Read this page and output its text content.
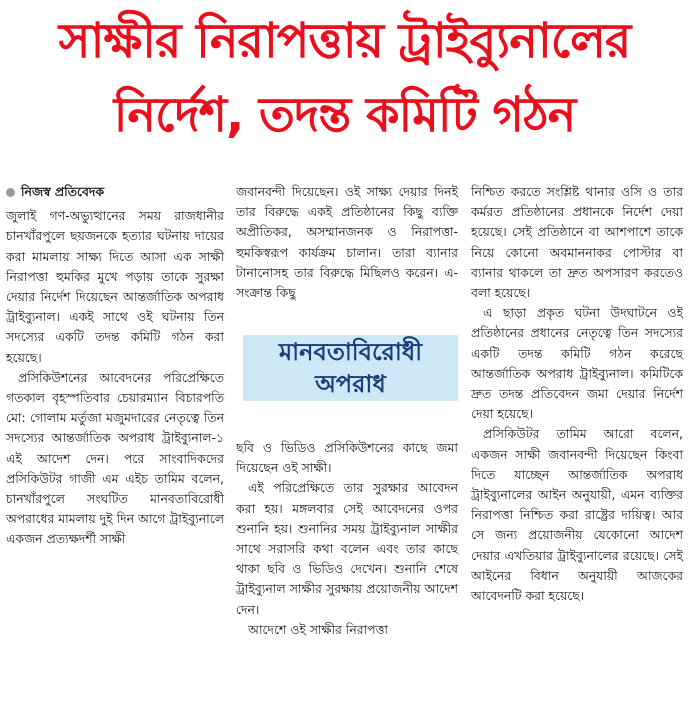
সাক্ষীর নিরাপত্তায় ট্রাইব্যুনালের
নির্দেশ, তদন্ত কমিটি গঠন
নিজস্ব প্রতিবেদক

জুলাই গণ-অভ্যুত্থানের সময় রাজধানীর চানখাঁরপুলে ছয়জনকে হত্যার ঘটনায় দায়ের করা মামলায় সাক্ষ্য দিতে আসা এক সাক্ষী নিরাপত্তা হুমকির মুখে পড়ায় তাকে সুরক্ষা দেয়ার নির্দেশ দিয়েছেন আন্তর্জাতিক অপরাধ ট্রাইব্যুনাল। একই সাথে ওই ঘটনায় তিন সদস্যের একটি তদন্ত কমিটি গঠন করা হয়েছে।

প্রসিকিউশনের আবেদনের পরিপ্রেক্ষিতে গতকাল বৃহস্পতিবার চেয়ারম্যান বিচারপতি মো: গোলাম মর্তুজা মজুমদারের নেতৃত্বে তিন সদস্যের আন্তর্জাতিক অপরাধ ট্রাইব্যুনাল-১ এই আদেশ দেন। পরে সাংবাদিকদের প্রসিকিউটর গাজী এম এইচ তামিম বলেন, চানখাঁরপুলে সংঘটিত মানবতাবিরোধী অপরাধের মামলায় দুই দিন আগে ট্রাইব্যুনালে একজন প্রত্যক্ষদর্শী সাক্ষী

জবানবন্দী দিয়েছেন। ওই সাক্ষ্য দেয়ার দিনই তার বিরুদ্ধে একই প্রতিষ্ঠানের কিছু ব্যক্তি অপ্রীতিকর, অসম্মানজনক ও নিরাপত্তা-হুমকিস্বরূপ কার্যক্রম চালান। তারা ব্যানার টানানোসহ তার বিরুদ্ধে মিছিলও করেন। এ-সংক্রান্ত কিছু

মানবতাবিরোধী অপরাধ

ছবি ও ভিডিও প্রসিকিউশনের কাছে জমা দিয়েছেন ওই সাক্ষী।

এই পরিপ্রেক্ষিতে তার সুরক্ষার আবেদন করা হয়। মঙ্গলবার সেই আবেদনের ওপর শুনানি হয়। শুনানির সময় ট্রাইব্যুনাল সাক্ষীর সাথে সরাসরি কথা বলেন এবং তার কাছে থাকা ছবি ও ভিডিও দেখেন। শুনানি শেষে ট্রাইব্যুনাল সাক্ষীর সুরক্ষায় প্রয়োজনীয় আদেশ দেন।

আদেশে ওই সাক্ষীর নিরাপত্তা

নিশ্চিত করতে সংশ্লিষ্ট থানার ওসি ও তার কর্মরত প্রতিষ্ঠানের প্রধানকে নির্দেশ দেয়া হয়েছে। সেই প্রতিষ্ঠানে বা আশপাশে তাকে নিয়ে কোনো অবমাননাকর পোস্টার বা ব্যানার থাকলে তা দ্রুত অপসারণ করতেও বলা হয়েছে।

এ ছাড়া প্রকৃত ঘটনা উদঘাটনে ওই প্রতিষ্ঠানের প্রধানের নেতৃত্বে তিন সদস্যের একটি তদন্ত কমিটি গঠন করেছে আন্তর্জাতিক অপরাধ ট্রাইব্যুনাল। কমিটিকে দ্রুত তদন্ত প্রতিবেদন জমা দেয়ার নির্দেশ দেয়া হয়েছে।

প্রসিকিউটর তামিম আরো বলেন, একজন সাক্ষী জবানবন্দী দিয়েছেন কিংবা দিতে যাচ্ছেন আন্তর্জাতিক অপরাধ ট্রাইব্যুনালের আইন অনুযায়ী, এমন ব্যক্তির নিরাপত্তা নিশ্চিত করা রাষ্ট্রের দায়িত্ব। আর সে জন্য প্রয়োজনীয় যেকোনো আদেশ দেয়ার এখতিয়ার ট্রাইব্যুনালের রয়েছে। সেই আইনের বিধান অনুযায়ী আজকের আবেদনটি করা হয়েছে।
